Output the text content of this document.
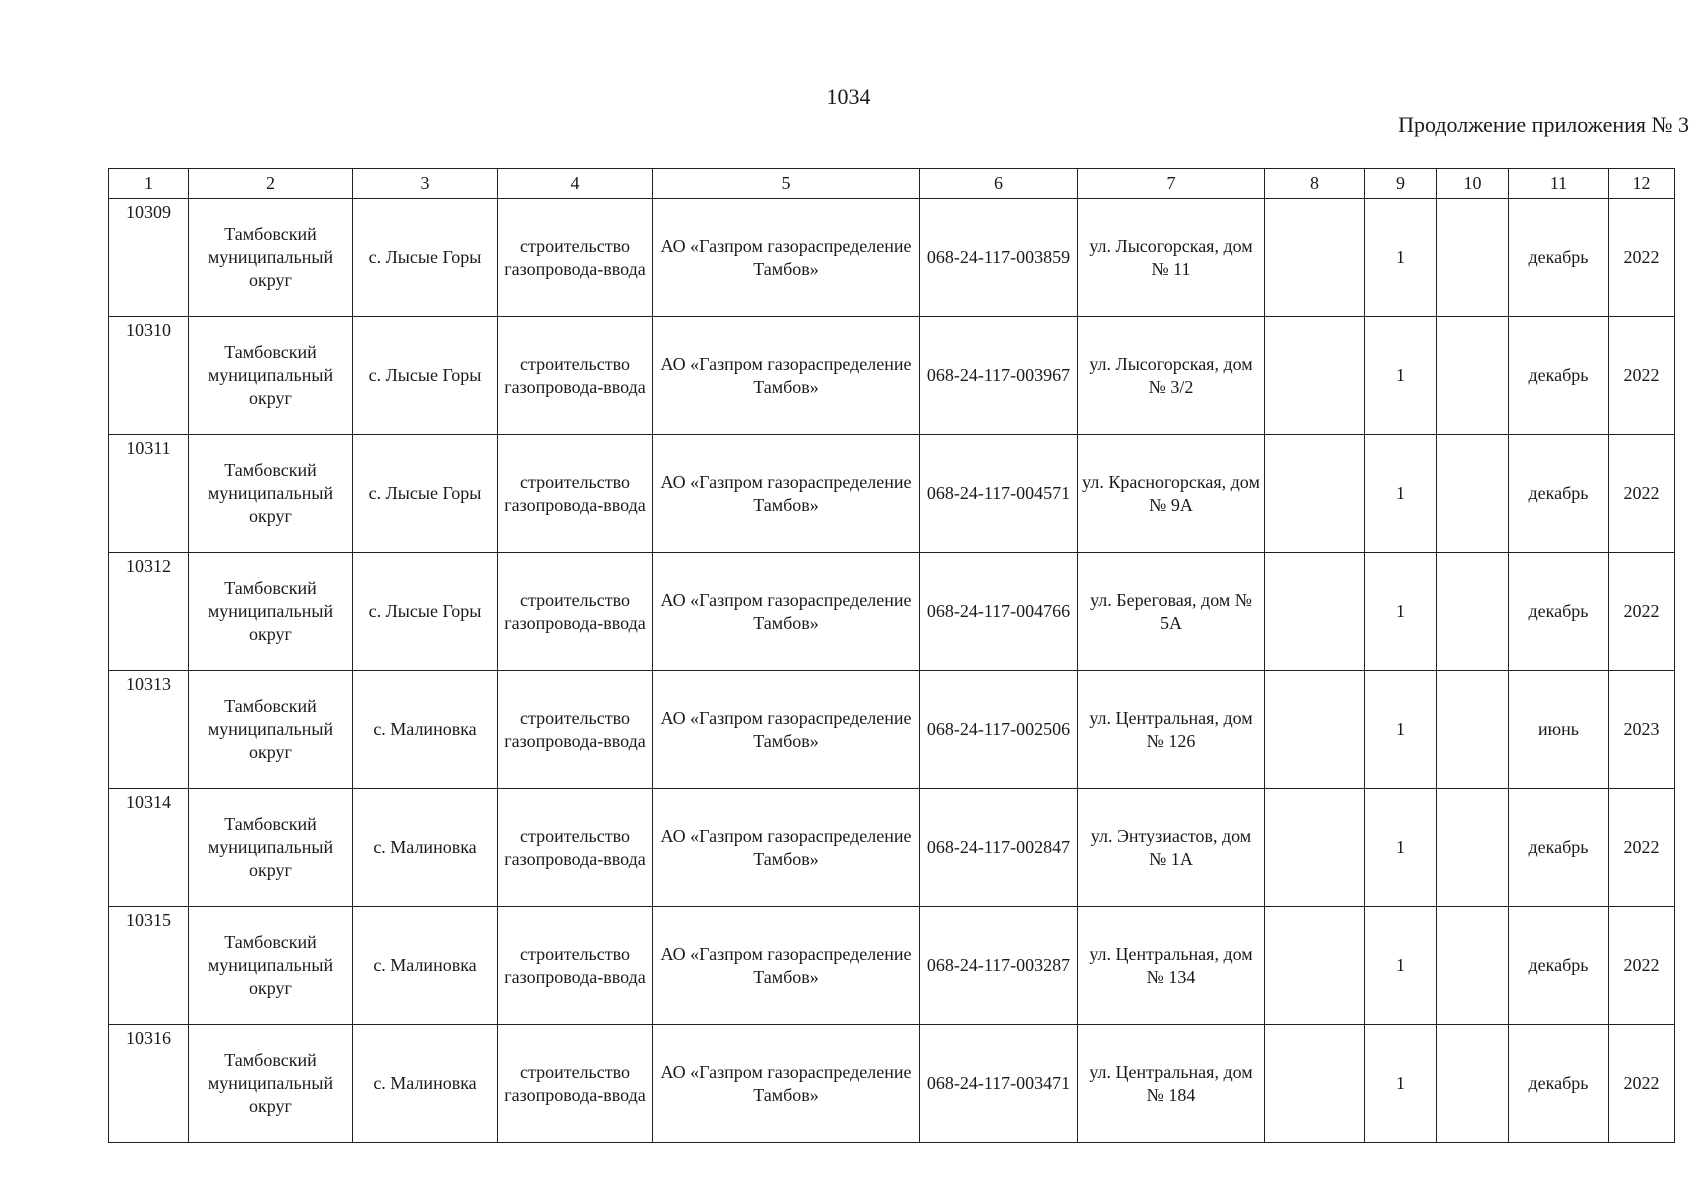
1034
Продолжение приложения № 3
1	2	3	4	5	6	7	8	9	10	11	12
10309	Тамбовский муниципальный округ	с. Лысые Горы	строительство газопровода-ввода	АО «Газпром газораспределение Тамбов»	068-24-117-003859	ул. Лысогорская, дом № 11		1		декабрь	2022
10310	Тамбовский муниципальный округ	с. Лысые Горы	строительство газопровода-ввода	АО «Газпром газораспределение Тамбов»	068-24-117-003967	ул. Лысогорская, дом № 3/2		1		декабрь	2022
10311	Тамбовский муниципальный округ	с. Лысые Горы	строительство газопровода-ввода	АО «Газпром газораспределение Тамбов»	068-24-117-004571	ул. Красногорская, дом № 9А		1		декабрь	2022
10312	Тамбовский муниципальный округ	с. Лысые Горы	строительство газопровода-ввода	АО «Газпром газораспределение Тамбов»	068-24-117-004766	ул. Береговая, дом № 5А		1		декабрь	2022
10313	Тамбовский муниципальный округ	с. Малиновка	строительство газопровода-ввода	АО «Газпром газораспределение Тамбов»	068-24-117-002506	ул. Центральная, дом № 126		1		июнь	2023
10314	Тамбовский муниципальный округ	с. Малиновка	строительство газопровода-ввода	АО «Газпром газораспределение Тамбов»	068-24-117-002847	ул. Энтузиастов, дом № 1А		1		декабрь	2022
10315	Тамбовский муниципальный округ	с. Малиновка	строительство газопровода-ввода	АО «Газпром газораспределение Тамбов»	068-24-117-003287	ул. Центральная, дом № 134		1		декабрь	2022
10316	Тамбовский муниципальный округ	с. Малиновка	строительство газопровода-ввода	АО «Газпром газораспределение Тамбов»	068-24-117-003471	ул. Центральная, дом № 184		1		декабрь	2022
